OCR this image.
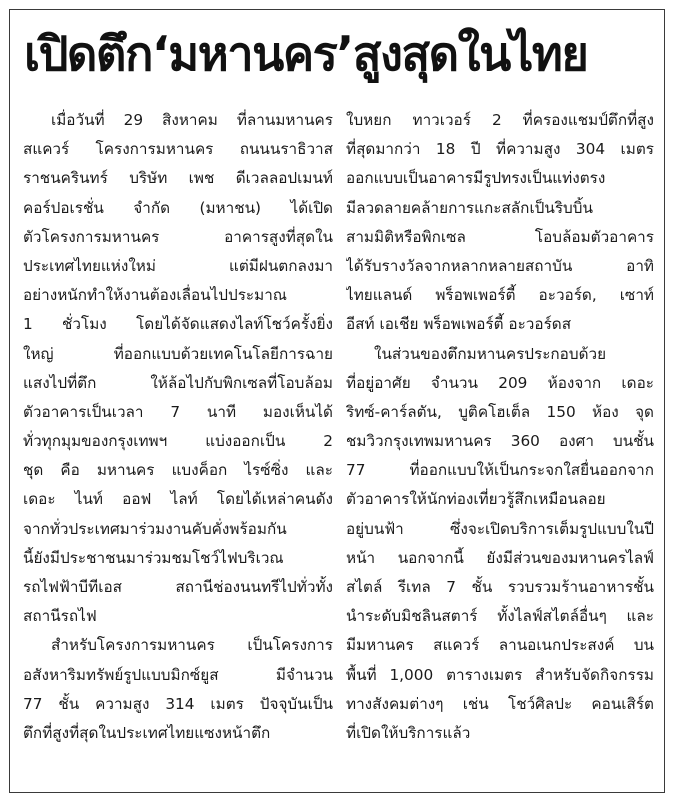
เปิดตึก‘มหานคร’สูงสุดในไทย
เมื่อวันที่ 29 สิงหาคม ที่ลานมหานคร
สแควร์ โครงการมหานคร ถนนนราธิวาส
ราชนครินทร์ บริษัท เพช ดีเวลลอปเมนท์
คอร์ปอเรชั่น จำกัด (มหาชน) ได้เปิด
ตัวโครงการมหานคร อาคารสูงที่สุดใน
ประเทศไทยแห่งใหม่ แต่มีฝนตกลงมา
อย่างหนักทำให้งานต้องเลื่อนไปประมาณ
1 ชั่วโมง โดยได้จัดแสดงไลท์โชว์ครั้งยิ่ง
ใหญ่ ที่ออกแบบด้วยเทคโนโลยีการฉาย
แสงไปที่ตึก ให้ล้อไปกับพิกเซลที่โอบล้อม
ตัวอาคารเป็นเวลา 7 นาที มองเห็นได้
ทั่วทุกมุมของกรุงเทพฯ แบ่งออกเป็น 2
ชุด คือ มหานคร แบงค็อก ไรซ์ซิ่ง และ
เดอะ ไนท์ ออฟ ไลท์ โดยได้เหล่าคนดัง
จากทั่วประเทศมาร่วมงานคับคั่งพร้อมกัน
นี้ยังมีประชาชนมาร่วมชมโชว์ไฟบริเวณ
รถไฟฟ้าบีทีเอส สถานีช่องนนทรีไปทั่วทั้ง
สถานีรถไฟ
สำหรับโครงการมหานคร เป็นโครงการ
อสังหาริมทรัพย์รูปแบบมิกซ์ยูส มีจำนวน
77 ชั้น ความสูง 314 เมตร ปัจจุบันเป็น
ตึกที่สูงที่สุดในประเทศไทยแซงหน้าตึก
ใบหยก ทาวเวอร์ 2 ที่ครองแชมป์ตึกที่สูง
ที่สุดมากว่า 18 ปี ที่ความสูง 304 เมตร
ออกแบบเป็นอาคารมีรูปทรงเป็นแท่งตรง
มีลวดลายคล้ายการแกะสลักเป็นริบบิ้น
สามมิติหรือพิกเซล โอบล้อมตัวอาคาร
ได้รับรางวัลจากหลากหลายสถาบัน อาทิ
ไทยแลนด์ พร็อพเพอร์ตี้ อะวอร์ด, เซาท์
อีสท์ เอเชีย พร็อพเพอร์ตี้ อะวอร์ดส
ในส่วนของตึกมหานครประกอบด้วย
ที่อยู่อาศัย จำนวน 209 ห้องจาก เดอะ
ริทซ์-คาร์ลตัน, บูติคโฮเต็ล 150 ห้อง จุด
ชมวิวกรุงเทพมหานคร 360 องศา บนชั้น
77 ที่ออกแบบให้เป็นกระจกใสยื่นออกจาก
ตัวอาคารให้นักท่องเที่ยวรู้สึกเหมือนลอย
อยู่บนฟ้า ซึ่งจะเปิดบริการเต็มรูปแบบในปี
หน้า นอกจากนี้ ยังมีส่วนของมหานครไลฟ์
สไตล์ รีเทล 7 ชั้น รวบรวมร้านอาหารชั้น
นำระดับมิชลินสตาร์ ทั้งไลฟ์สไตล์อื่นๆ และ
มีมหานคร สแควร์ ลานอเนกประสงค์ บน
พื้นที่ 1,000 ตารางเมตร สำหรับจัดกิจกรรม
ทางสังคมต่างๆ เช่น โชว์ศิลปะ คอนเสิร์ต
ที่เปิดให้บริการแล้ว
